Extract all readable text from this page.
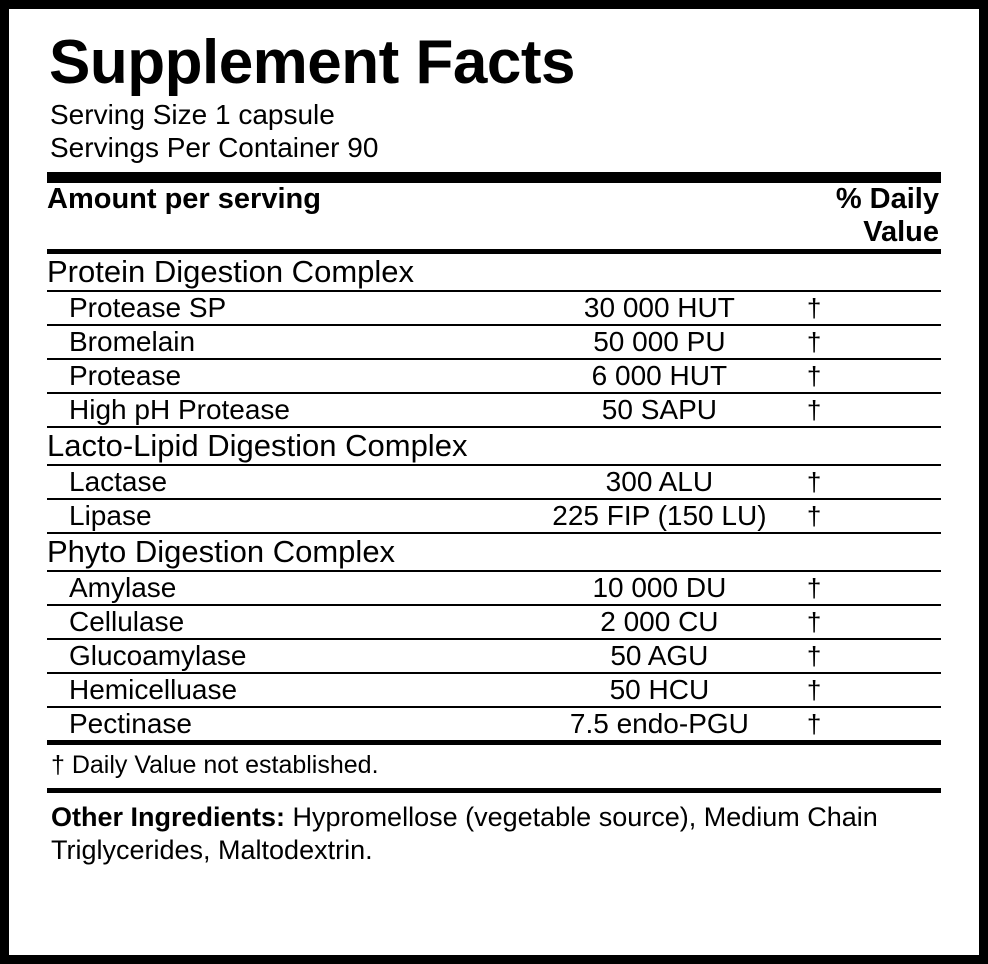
Supplement Facts
Serving Size 1 capsule
Servings Per Container 90
Amount per serving		% Daily Value
Protein Digestion Complex		
Protease SP	30 000 HUT	†
Bromelain	50 000 PU	†
Protease	6 000 HUT	†
High pH Protease	50 SAPU	†
Lacto-Lipid Digestion Complex		
Lactase	300 ALU	†
Lipase	225 FIP (150 LU)	†
Phyto Digestion Complex		
Amylase	10 000 DU	†
Cellulase	2 000 CU	†
Glucoamylase	50 AGU	†
Hemicelluase	50 HCU	†
Pectinase	7.5 endo-PGU	†
† Daily Value not established.
Other Ingredients: Hypromellose (vegetable source), Medium Chain Triglycerides, Maltodextrin.
